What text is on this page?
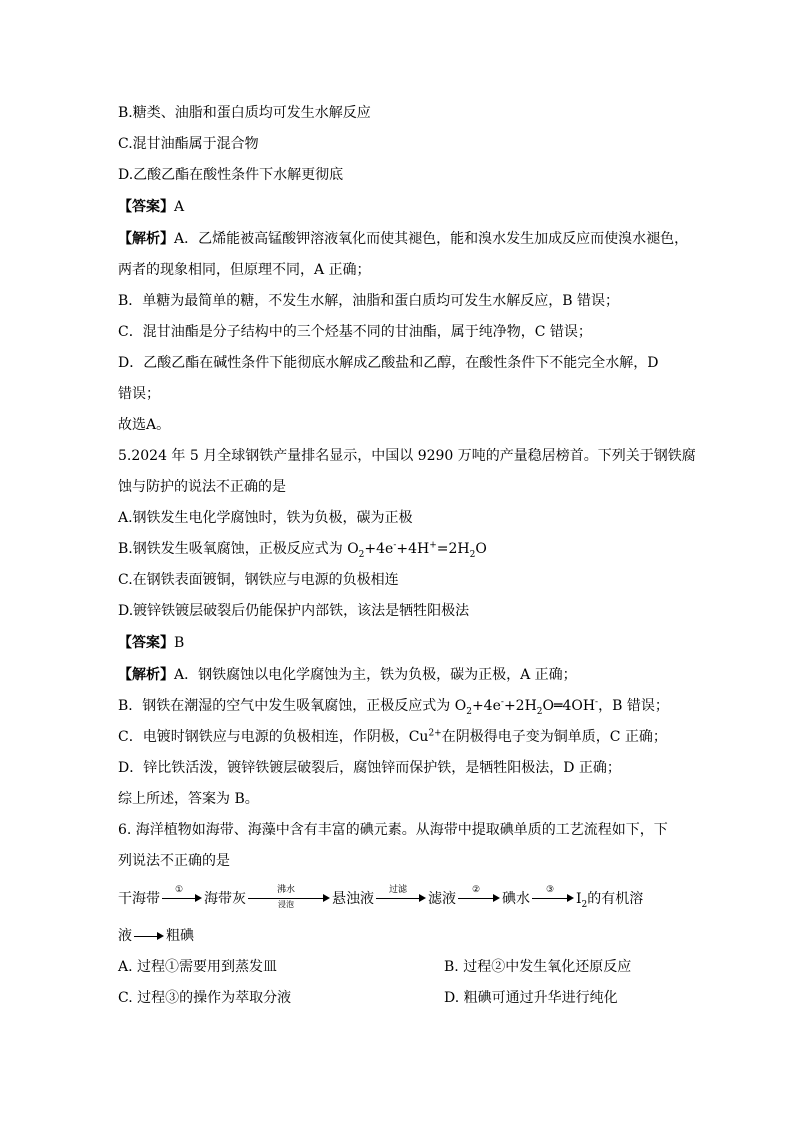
B.糖类、油脂和蛋白质均可发生水解反应
C.混甘油酯属于混合物
D.乙酸乙酯在酸性条件下水解更彻底
【答案】A
【解析】A．乙烯能被高锰酸钾溶液氧化而使其褪色，能和溴水发生加成反应而使溴水褪色，
两者的现象相同，但原理不同，A 正确；
B．单糖为最简单的糖，不发生水解，油脂和蛋白质均可发生水解反应，B 错误；
C．混甘油酯是分子结构中的三个烃基不同的甘油酯，属于纯净物，C 错误；
D．乙酸乙酯在碱性条件下能彻底水解成乙酸盐和乙醇，在酸性条件下不能完全水解，D
错误；
故选A。
5.2024 年 5 月全球钢铁产量排名显示，中国以 9290 万吨的产量稳居榜首。下列关于钢铁腐
蚀与防护的说法不正确的是
A.钢铁发生电化学腐蚀时，铁为负极，碳为正极
B.钢铁发生吸氧腐蚀，正极反应式为 $O_2+4e^-+4H^+=2H_2O$
C.在钢铁表面镀铜，钢铁应与电源的负极相连
D.镀锌铁镀层破裂后仍能保护内部铁，该法是牺牲阳极法
【答案】B
【解析】A．钢铁腐蚀以电化学腐蚀为主，铁为负极，碳为正极，A 正确；
B．钢铁在潮湿的空气中发生吸氧腐蚀，正极反应式为 $O_2+4e^-+2H_2O═4OH^-$，B 错误；
C．电镀时钢铁应与电源的负极相连，作阴极，$Cu^{2+}$在阴极得电子变为铜单质，C 正确；
D．锌比铁活泼，镀锌铁镀层破裂后，腐蚀锌而保护铁，是牺牲阳极法，D 正确；
综上所述，答案为 B。
6. 海洋植物如海带、海藻中含有丰富的碘元素。从海带中提取碘单质的工艺流程如下，下
列说法不正确的是
干海带
①
海带灰
沸水
浸泡	悬浊液
过滤
滤液
②
碘水
③
$I_2$的有机溶
液 粗碘
A. 过程①需要用到蒸发皿	B. 过程②中发生氧化还原反应
C. 过程③的操作为萃取分液	D. 粗碘可通过升华进行纯化
